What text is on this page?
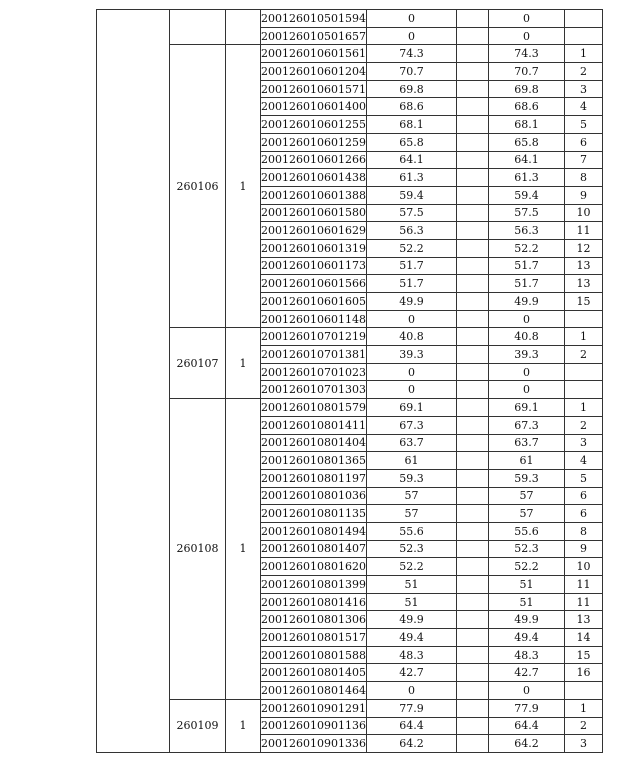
			200126010501594	0		0	
			200126010501657	0		0	
	260106	1	200126010601561	74.3		74.3	1
			200126010601204	70.7		70.7	2
			200126010601571	69.8		69.8	3
			200126010601400	68.6		68.6	4
			200126010601255	68.1		68.1	5
			200126010601259	65.8		65.8	6
			200126010601266	64.1		64.1	7
			200126010601438	61.3		61.3	8
			200126010601388	59.4		59.4	9
			200126010601580	57.5		57.5	10
			200126010601629	56.3		56.3	11
			200126010601319	52.2		52.2	12
			200126010601173	51.7		51.7	13
			200126010601566	51.7		51.7	13
			200126010601605	49.9		49.9	15
			200126010601148	0		0	
	260107	1	200126010701219	40.8		40.8	1
			200126010701381	39.3		39.3	2
			200126010701023	0		0	
			200126010701303	0		0	
	260108	1	200126010801579	69.1		69.1	1
			200126010801411	67.3		67.3	2
			200126010801404	63.7		63.7	3
			200126010801365	61		61	4
			200126010801197	59.3		59.3	5
			200126010801036	57		57	6
			200126010801135	57		57	6
			200126010801494	55.6		55.6	8
			200126010801407	52.3		52.3	9
			200126010801620	52.2		52.2	10
			200126010801399	51		51	11
			200126010801416	51		51	11
			200126010801306	49.9		49.9	13
			200126010801517	49.4		49.4	14
			200126010801588	48.3		48.3	15
			200126010801405	42.7		42.7	16
			200126010801464	0		0	
	260109	1	200126010901291	77.9		77.9	1
			200126010901136	64.4		64.4	2
			200126010901336	64.2		64.2	3
